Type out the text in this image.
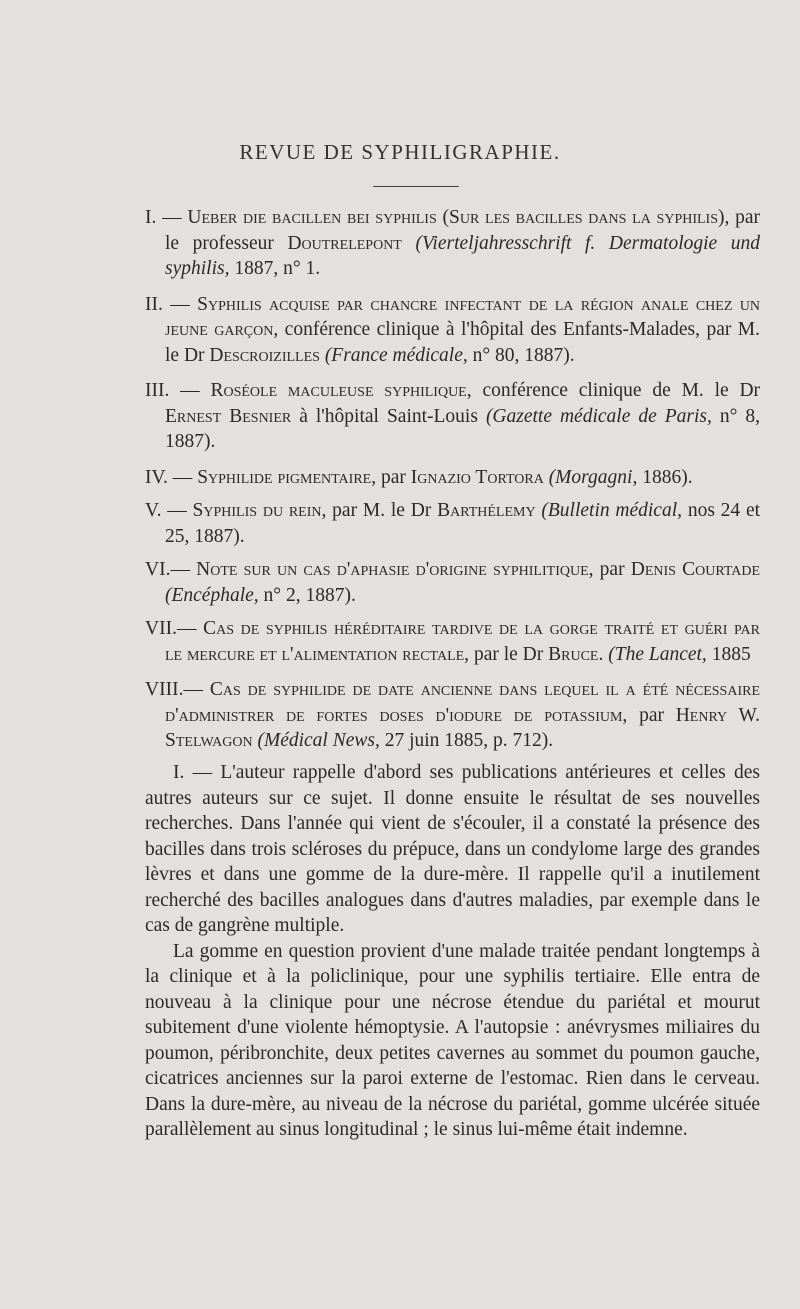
REVUE DE SYPHILIGRAPHIE.
I. — Ueber die bacillen bei syphilis (Sur les bacilles dans la syphilis), par le professeur Doutrelepont (Vierteljahresschrift f. Dermatologie und syphilis, 1887, n° 1.
II. — Syphilis acquise par chancre infectant de la région anale chez un jeune garçon, conférence clinique à l'hôpital des Enfants-Malades, par M. le Dr Descroizilles (France médicale, n° 80, 1887).
III. — Roséole maculeuse syphilique, conférence clinique de M. le Dr Ernest Besnier à l'hôpital Saint-Louis (Gazette médicale de Paris, n° 8, 1887).
IV. — Syphilide pigmentaire, par Ignazio Tortora (Morgagni, 1886).
V. — Syphilis du rein, par M. le Dr Barthélemy (Bulletin médical, nos 24 et 25, 1887).
VI.— Note sur un cas d'aphasie d'origine syphilitique, par Denis Courtade (Encéphale, n° 2, 1887).
VII.— Cas de syphilis héréditaire tardive de la gorge traité et guéri par le mercure et l'alimentation rectale, par le Dr Bruce. (The Lancet, 1885
VIII.— Cas de syphilide de date ancienne dans lequel il a été nécessaire d'administrer de fortes doses d'iodure de potassium, par Henry W. Stelwagon (Médical News, 27 juin 1885, p. 712).

I. — L'auteur rappelle d'abord ses publications antérieures et celles des autres auteurs sur ce sujet. Il donne ensuite le résultat de ses nouvelles recherches. Dans l'année qui vient de s'écouler, il a constaté la présence des bacilles dans trois scléroses du prépuce, dans un condylome large des grandes lèvres et dans une gomme de la dure-mère. Il rappelle qu'il a inutilement recherché des bacilles analogues dans d'autres maladies, par exemple dans le cas de gangrène multiple.

La gomme en question provient d'une malade traitée pendant longtemps à la clinique et à la policlinique, pour une syphilis tertiaire. Elle entra de nouveau à la clinique pour une nécrose étendue du pariétal et mourut subitement d'une violente hémoptysie. A l'autopsie : anévrysmes miliaires du poumon, péribronchite, deux petites cavernes au sommet du poumon gauche, cicatrices anciennes sur la paroi externe de l'estomac. Rien dans le cerveau. Dans la dure-mère, au niveau de la nécrose du pariétal, gomme ulcérée située parallèlement au sinus longitudinal ; le sinus lui-même était indemne.
